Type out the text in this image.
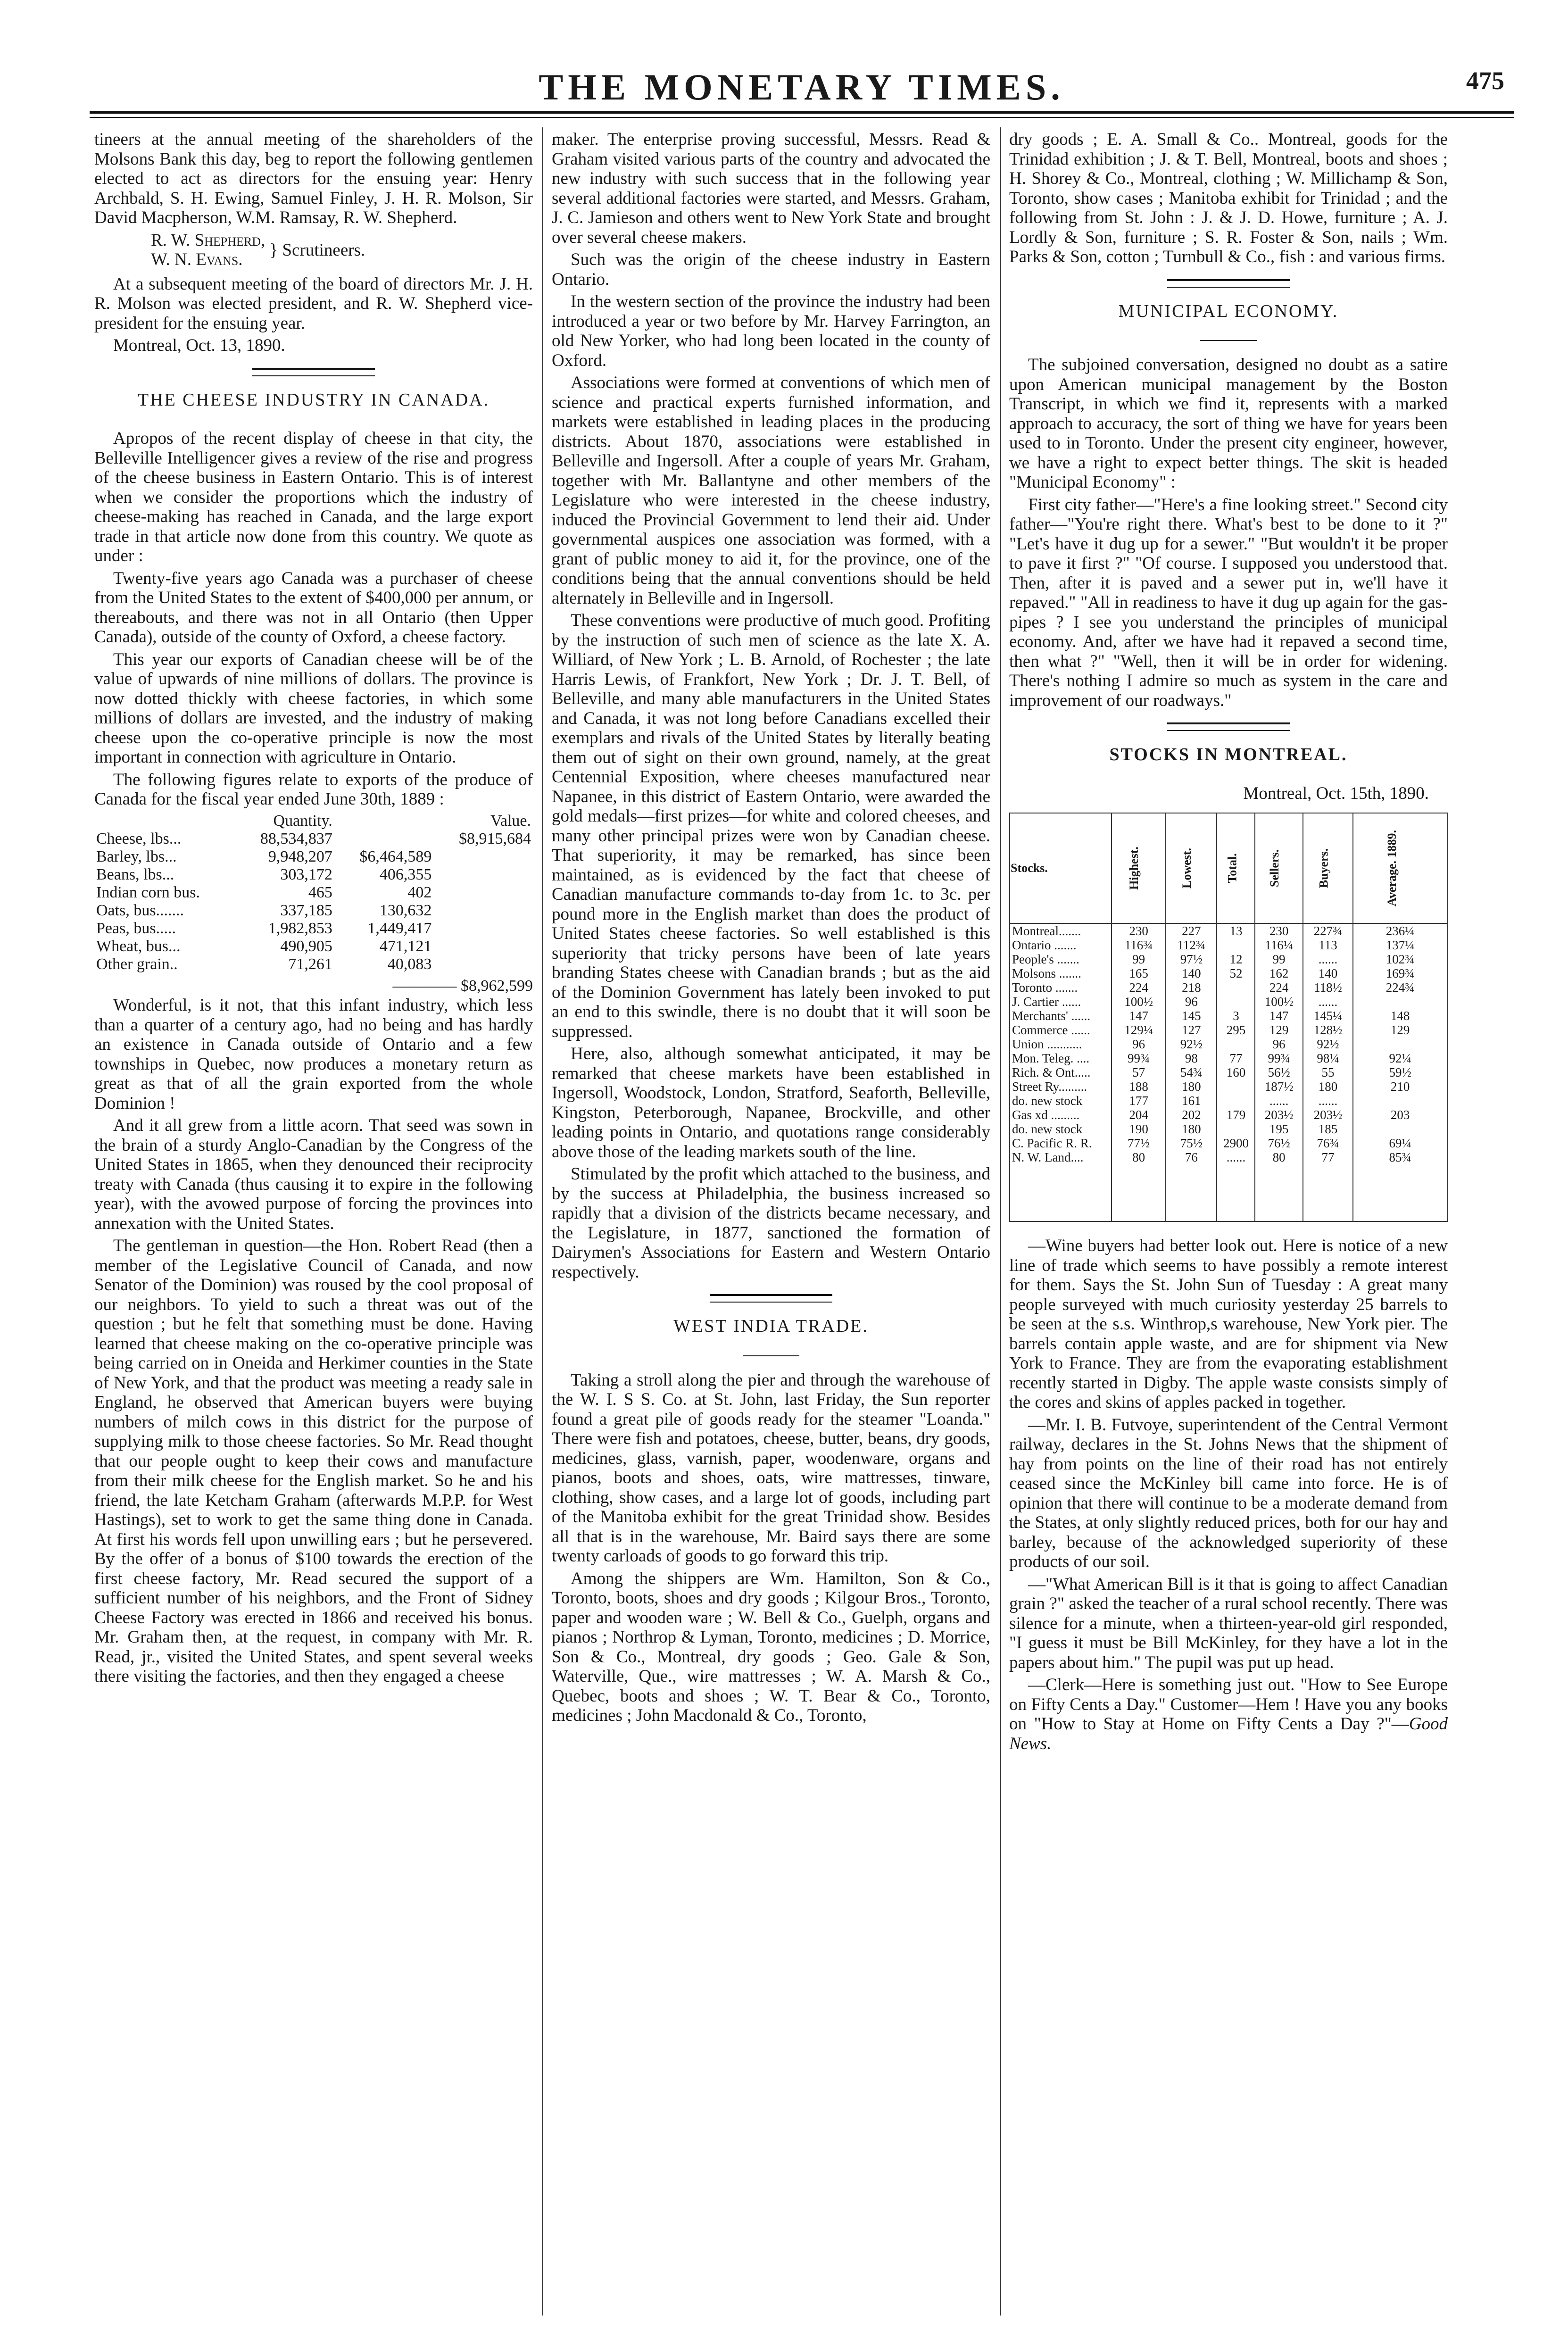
THE MONETARY TIMES.	475

tineers at the annual meeting of the shareholders of the Molsons Bank this day, beg to report the following gentlemen elected to act as directors for the ensuing year: Henry Archbald, S. H. Ewing, Samuel Finley, J. H. R. Molson, Sir David Macpherson, W.M. Ramsay, R. W. Shepherd.

R. W. Shepherd,
W. N. Evans.
} Scrutineers.

At a subsequent meeting of the board of directors Mr. J. H. R. Molson was elected president, and R. W. Shepherd vice-president for the ensuing year.

Montreal, Oct. 13, 1890.

THE CHEESE INDUSTRY IN CANADA.

Apropos of the recent display of cheese in that city, the Belleville Intelligencer gives a review of the rise and progress of the cheese business in Eastern Ontario. This is of interest when we consider the proportions which the industry of cheese-making has reached in Canada, and the large export trade in that article now done from this country. We quote as under :

Twenty-five years ago Canada was a purchaser of cheese from the United States to the extent of $400,000 per annum, or thereabouts, and there was not in all Ontario (then Upper Canada), outside of the county of Oxford, a cheese factory.

This year our exports of Canadian cheese will be of the value of upwards of nine millions of dollars. The province is now dotted thickly with cheese factories, in which some millions of dollars are invested, and the industry of making cheese upon the co-operative principle is now the most important in connection with agriculture in Ontario.

The following figures relate to exports of the produce of Canada for the fiscal year ended June 30th, 1889 :

	Quantity.		Value.
Cheese, lbs...	88,534,837		$8,915,684
Barley, lbs...	9,948,207	$6,464,589	
Beans, lbs...	303,172	406,355	
Indian corn bus.	465	402	
Oats, bus.......	337,185	130,632	
Peas, bus.....	1,982,853	1,449,417	
Wheat, bus...	490,905	471,121	
Other grain..	71,261	40,083	
———— $8,962,599

Wonderful, is it not, that this infant industry, which less than a quarter of a century ago, had no being and has hardly an existence in Canada outside of Ontario and a few townships in Quebec, now produces a monetary return as great as that of all the grain exported from the whole Dominion !

And it all grew from a little acorn. That seed was sown in the brain of a sturdy Anglo-Canadian by the Congress of the United States in 1865, when they denounced their reciprocity treaty with Canada (thus causing it to expire in the following year), with the avowed purpose of forcing the provinces into annexation with the United States.

The gentleman in question—the Hon. Robert Read (then a member of the Legislative Council of Canada, and now Senator of the Dominion) was roused by the cool proposal of our neighbors. To yield to such a threat was out of the question ; but he felt that something must be done. Having learned that cheese making on the co-operative principle was being carried on in Oneida and Herkimer counties in the State of New York, and that the product was meeting a ready sale in England, he observed that American buyers were buying numbers of milch cows in this district for the purpose of supplying milk to those cheese factories. So Mr. Read thought that our people ought to keep their cows and manufacture from their milk cheese for the English market. So he and his friend, the late Ketcham Graham (afterwards M.P.P. for West Hastings), set to work to get the same thing done in Canada. At first his words fell upon unwilling ears ; but he persevered. By the offer of a bonus of $100 towards the erection of the first cheese factory, Mr. Read secured the support of a sufficient number of his neighbors, and the Front of Sidney Cheese Factory was erected in 1866 and received his bonus. Mr. Graham then, at the request, in company with Mr. R. Read, jr., visited the United States, and spent several weeks there visiting the factories, and then they engaged a cheese

maker. The enterprise proving successful, Messrs. Read & Graham visited various parts of the country and advocated the new industry with such success that in the following year several additional factories were started, and Messrs. Graham, J. C. Jamieson and others went to New York State and brought over several cheese makers.

Such was the origin of the cheese industry in Eastern Ontario.

In the western section of the province the industry had been introduced a year or two before by Mr. Harvey Farrington, an old New Yorker, who had long been located in the county of Oxford.

Associations were formed at conventions of which men of science and practical experts furnished information, and markets were established in leading places in the producing districts. About 1870, associations were established in Belleville and Ingersoll. After a couple of years Mr. Graham, together with Mr. Ballantyne and other members of the Legislature who were interested in the cheese industry, induced the Provincial Government to lend their aid. Under governmental auspices one association was formed, with a grant of public money to aid it, for the province, one of the conditions being that the annual conventions should be held alternately in Belleville and in Ingersoll.

These conventions were productive of much good. Profiting by the instruction of such men of science as the late X. A. Williard, of New York ; L. B. Arnold, of Rochester ; the late Harris Lewis, of Frankfort, New York ; Dr. J. T. Bell, of Belleville, and many able manufacturers in the United States and Canada, it was not long before Canadians excelled their exemplars and rivals of the United States by literally beating them out of sight on their own ground, namely, at the great Centennial Exposition, where cheeses manufactured near Napanee, in this district of Eastern Ontario, were awarded the gold medals—first prizes—for white and colored cheeses, and many other principal prizes were won by Canadian cheese. That superiority, it may be remarked, has since been maintained, as is evidenced by the fact that cheese of Canadian manufacture commands to-day from 1c. to 3c. per pound more in the English market than does the product of United States cheese factories. So well established is this superiority that tricky persons have been of late years branding States cheese with Canadian brands ; but as the aid of the Dominion Government has lately been invoked to put an end to this swindle, there is no doubt that it will soon be suppressed.

Here, also, although somewhat anticipated, it may be remarked that cheese markets have been established in Ingersoll, Woodstock, London, Stratford, Seaforth, Belleville, Kingston, Peterborough, Napanee, Brockville, and other leading points in Ontario, and quotations range considerably above those of the leading markets south of the line.

Stimulated by the profit which attached to the business, and by the success at Philadelphia, the business increased so rapidly that a division of the districts became necessary, and the Legislature, in 1877, sanctioned the formation of Dairymen's Associations for Eastern and Western Ontario respectively.

WEST INDIA TRADE.

Taking a stroll along the pier and through the warehouse of the W. I. S S. Co. at St. John, last Friday, the Sun reporter found a great pile of goods ready for the steamer "Loanda." There were fish and potatoes, cheese, butter, beans, dry goods, medicines, glass, varnish, paper, woodenware, organs and pianos, boots and shoes, oats, wire mattresses, tinware, clothing, show cases, and a large lot of goods, including part of the Manitoba exhibit for the great Trinidad show. Besides all that is in the warehouse, Mr. Baird says there are some twenty carloads of goods to go forward this trip.

Among the shippers are Wm. Hamilton, Son & Co., Toronto, boots, shoes and dry goods ; Kilgour Bros., Toronto, paper and wooden ware ; W. Bell & Co., Guelph, organs and pianos ; Northrop & Lyman, Toronto, medicines ; D. Morrice, Son & Co., Montreal, dry goods ; Geo. Gale & Son, Waterville, Que., wire mattresses ; W. A. Marsh & Co., Quebec, boots and shoes ; W. T. Bear & Co., Toronto, medicines ; John Macdonald & Co., Toronto,

dry goods ; E. A. Small & Co.. Montreal, goods for the Trinidad exhibition ; J. & T. Bell, Montreal, boots and shoes ; H. Shorey & Co., Montreal, clothing ; W. Millichamp & Son, Toronto, show cases ; Manitoba exhibit for Trinidad ; and the following from St. John : J. & J. D. Howe, furniture ; A. J. Lordly & Son, furniture ; S. R. Foster & Son, nails ; Wm. Parks & Son, cotton ; Turnbull & Co., fish : and various firms.

MUNICIPAL ECONOMY.

The subjoined conversation, designed no doubt as a satire upon American municipal management by the Boston Transcript, in which we find it, represents with a marked approach to accuracy, the sort of thing we have for years been used to in Toronto. Under the present city engineer, however, we have a right to expect better things. The skit is headed "Municipal Economy" :

First city father—"Here's a fine looking street." Second city father—"You're right there. What's best to be done to it ?" "Let's have it dug up for a sewer." "But wouldn't it be proper to pave it first ?" "Of course. I supposed you understood that. Then, after it is paved and a sewer put in, we'll have it repaved." "All in readiness to have it dug up again for the gas-pipes ? I see you understand the principles of municipal economy. And, after we have had it repaved a second time, then what ?" "Well, then it will be in order for widening. There's nothing I admire so much as system in the care and improvement of our roadways."

STOCKS IN MONTREAL.

Montreal, Oct. 15th, 1890.

Stocks.	Highest.	Lowest.	Total.	Sellers.	Buyers.	Average. 1889.
Montreal.......	230	227	13	230	227¾	236¼
Ontario .......	116¾	112¾		116¼	113	137¼
People's .......	99	97½	12	99	......	102¾
Molsons .......	165	140	52	162	140	169¾
Toronto .......	224	218		224	118½	224¾
J. Cartier ......	100½	96		100½	......	
Merchants' ......	147	145	3	147	145¼	148
Commerce ......	129¼	127	295	129	128½	129
Union ...........	96	92½		96	92½	
Mon. Teleg. ....	99¾	98	77	99¾	98¼	92¼
Rich. & Ont.....	57	54¾	160	56½	55	59½
Street Ry.........	188	180		187½	180	210
do. new stock	177	161		......	......	
Gas xd .........	204	202	179	203½	203½	203
do. new stock	190	180		195	185	
C. Pacific R. R.	77½	75½	2900	76½	76¾	69¼
N. W. Land....	80	76	......	80	77	85¾

—Wine buyers had better look out. Here is notice of a new line of trade which seems to have possibly a remote interest for them. Says the St. John Sun of Tuesday : A great many people surveyed with much curiosity yesterday 25 barrels to be seen at the s.s. Winthrop,s warehouse, New York pier. The barrels contain apple waste, and are for shipment via New York to France. They are from the evaporating establishment recently started in Digby. The apple waste consists simply of the cores and skins of apples packed in together.

—Mr. I. B. Futvoye, superintendent of the Central Vermont railway, declares in the St. Johns News that the shipment of hay from points on the line of their road has not entirely ceased since the McKinley bill came into force. He is of opinion that there will continue to be a moderate demand from the States, at only slightly reduced prices, both for our hay and barley, because of the acknowledged superiority of these products of our soil.

—"What American Bill is it that is going to affect Canadian grain ?" asked the teacher of a rural school recently. There was silence for a minute, when a thirteen-year-old girl responded, "I guess it must be Bill McKinley, for they have a lot in the papers about him." The pupil was put up head.

—Clerk—Here is something just out. "How to See Europe on Fifty Cents a Day." Customer—Hem ! Have you any books on "How to Stay at Home on Fifty Cents a Day ?"—Good News.
